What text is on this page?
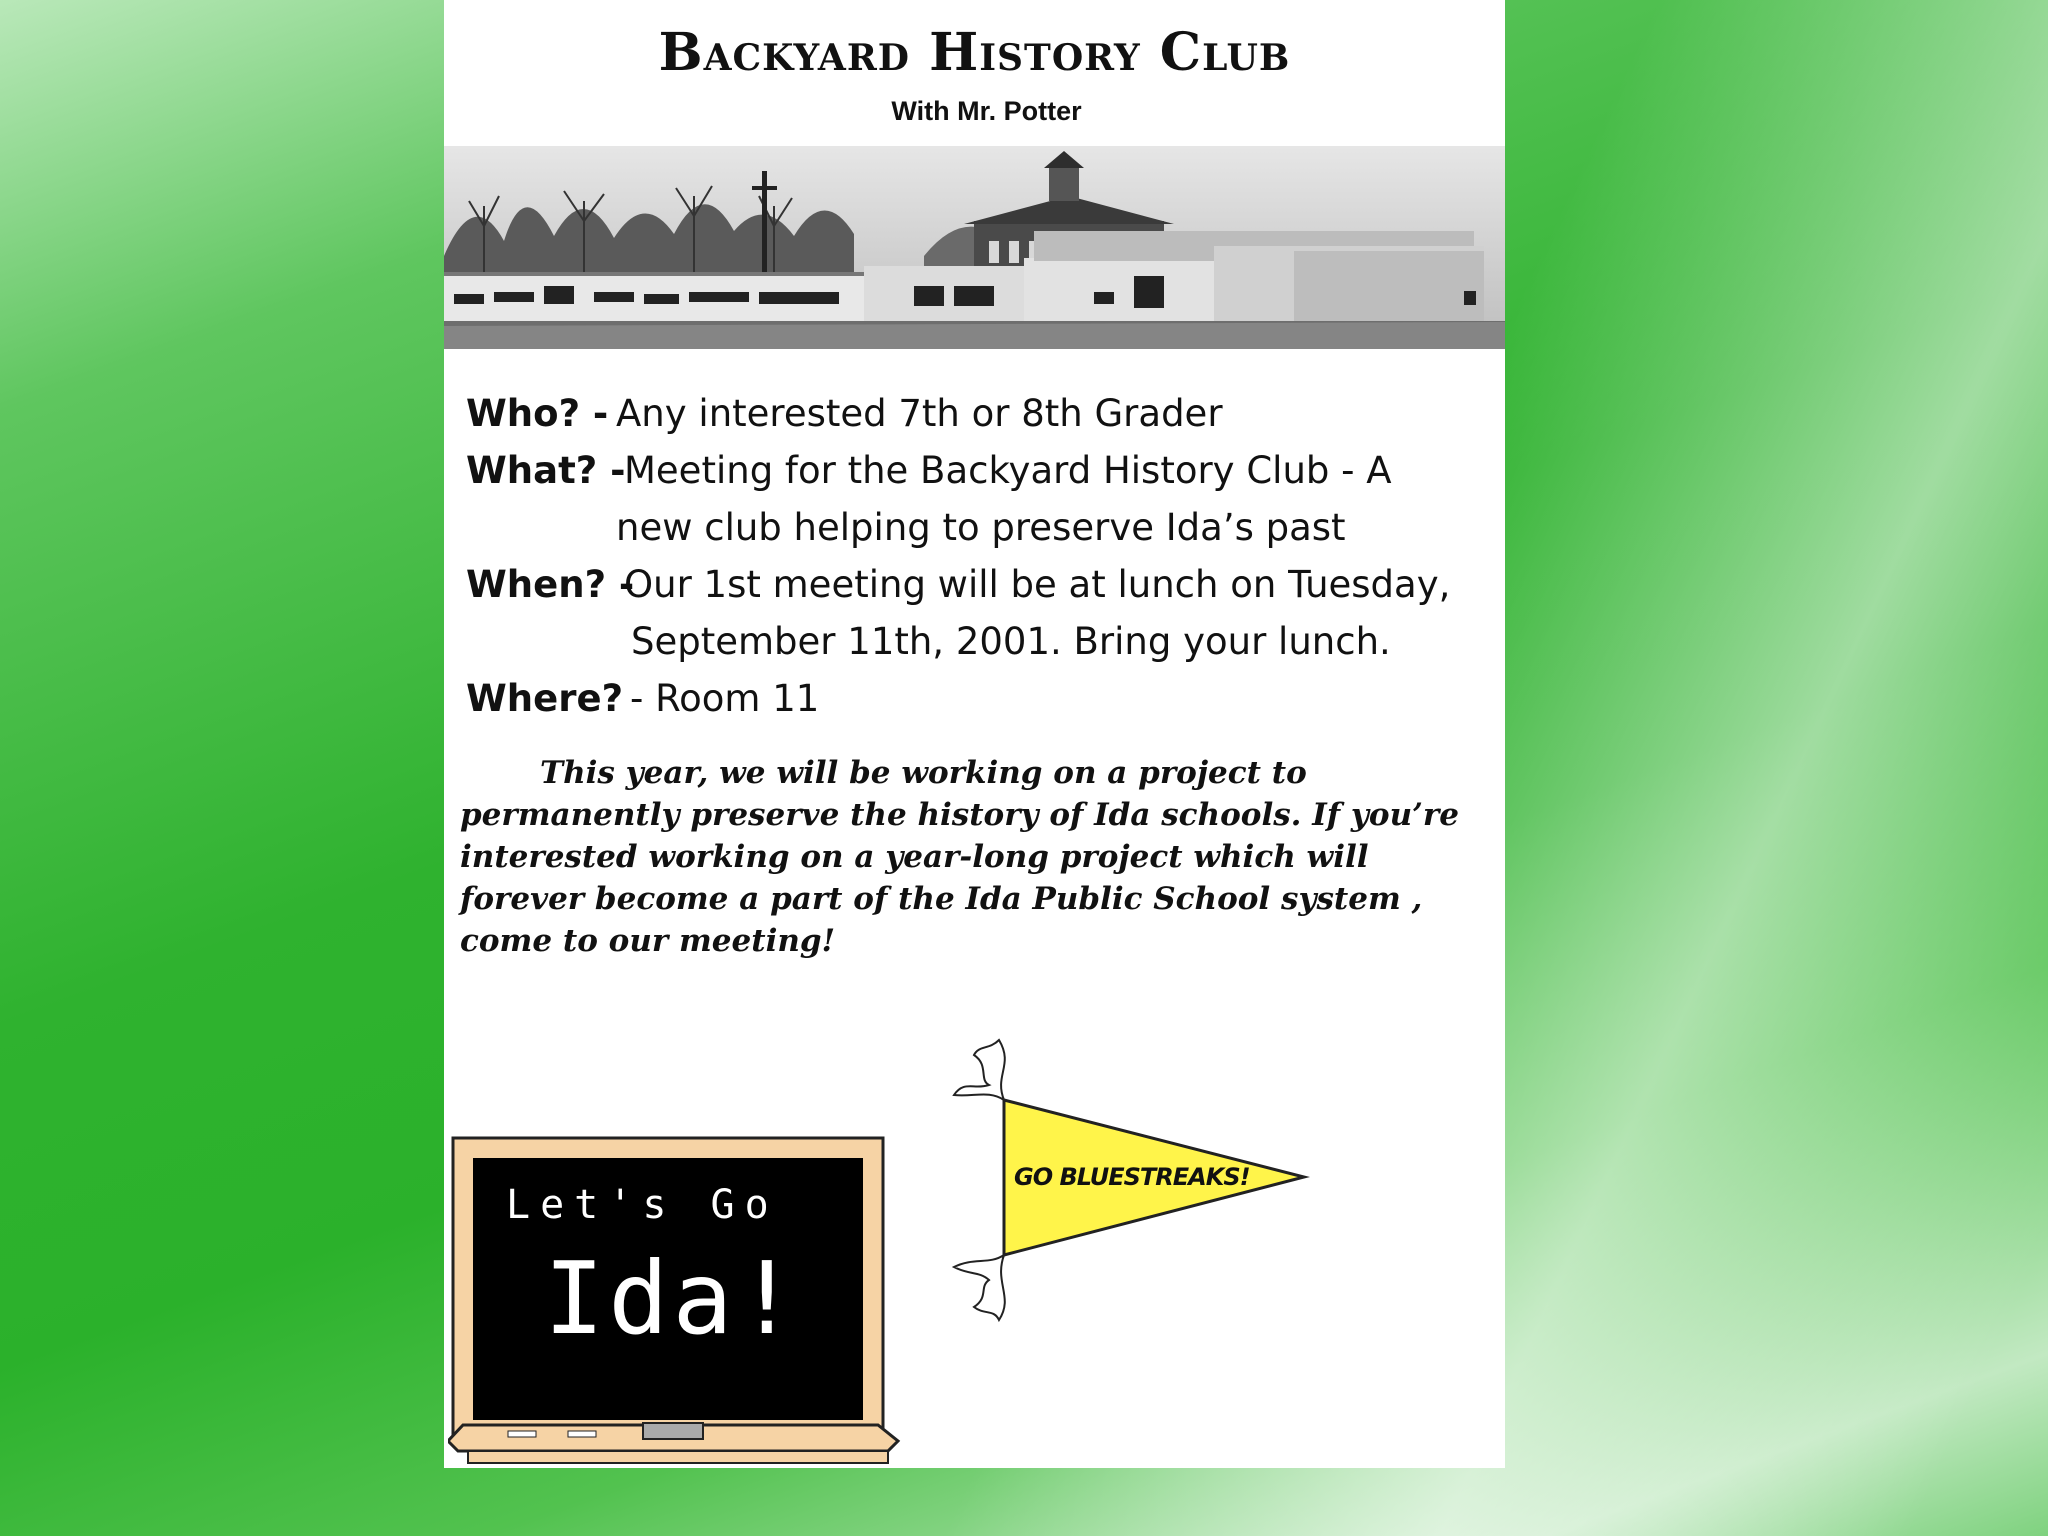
Backyard History Club
With Mr. Potter
Who? - Any interested 7th or 8th Grader
What? -
Meeting for the Backyard History Club - A
new club helping to preserve Ida’s past
When? -
Our 1st meeting will be at lunch on Tuesday,
September 11th, 2001. Bring your lunch.
Where? - Room 11

This year, we will be working on a project to permanently preserve the history of Ida schools. If you’re interested working on a year-long project which will forever become a part of the Ida Public School system , come to our meeting!

Let's Go
Ida!
GO BLUESTREAKS!
